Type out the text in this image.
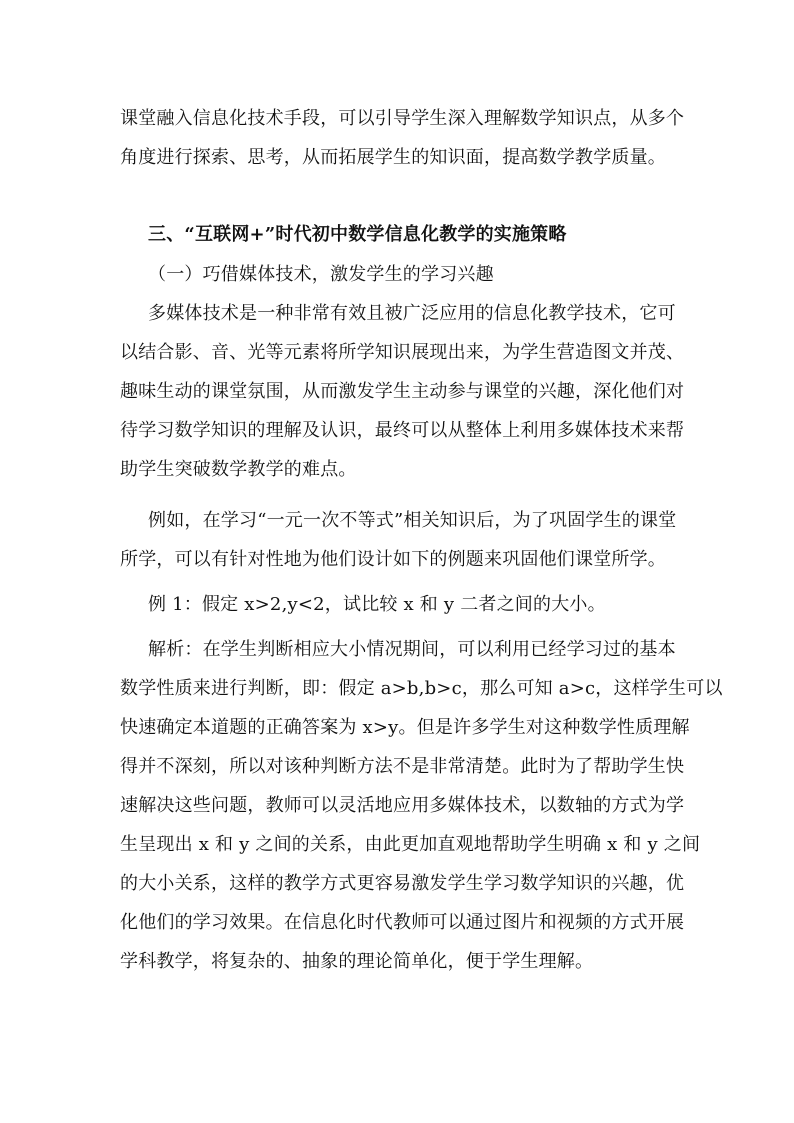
课堂融入信息化技术手段，可以引导学生深入理解数学知识点，从多个
角度进行探索、思考，从而拓展学生的知识面，提高数学教学质量。
三、“互联网+”时代初中数学信息化教学的实施策略
（一）巧借媒体技术，激发学生的学习兴趣
多媒体技术是一种非常有效且被广泛应用的信息化教学技术，它可
以结合影、音、光等元素将所学知识展现出来，为学生营造图文并茂、
趣味生动的课堂氛围，从而激发学生主动参与课堂的兴趣，深化他们对
待学习数学知识的理解及认识，最终可以从整体上利用多媒体技术来帮
助学生突破数学教学的难点。
例如，在学习“一元一次不等式”相关知识后，为了巩固学生的课堂
所学，可以有针对性地为他们设计如下的例题来巩固他们课堂所学。
例 1：假定 x>2,y<2，试比较 x 和 y 二者之间的大小。
解析：在学生判断相应大小情况期间，可以利用已经学习过的基本
数学性质来进行判断，即：假定 a>b,b>c，那么可知 a>c，这样学生可以
快速确定本道题的正确答案为 x>y。但是许多学生对这种数学性质理解
得并不深刻，所以对该种判断方法不是非常清楚。此时为了帮助学生快
速解决这些问题，教师可以灵活地应用多媒体技术，以数轴的方式为学
生呈现出 x 和 y 之间的关系，由此更加直观地帮助学生明确 x 和 y 之间
的大小关系，这样的教学方式更容易激发学生学习数学知识的兴趣，优
化他们的学习效果。在信息化时代教师可以通过图片和视频的方式开展
学科教学，将复杂的、抽象的理论简单化，便于学生理解。
